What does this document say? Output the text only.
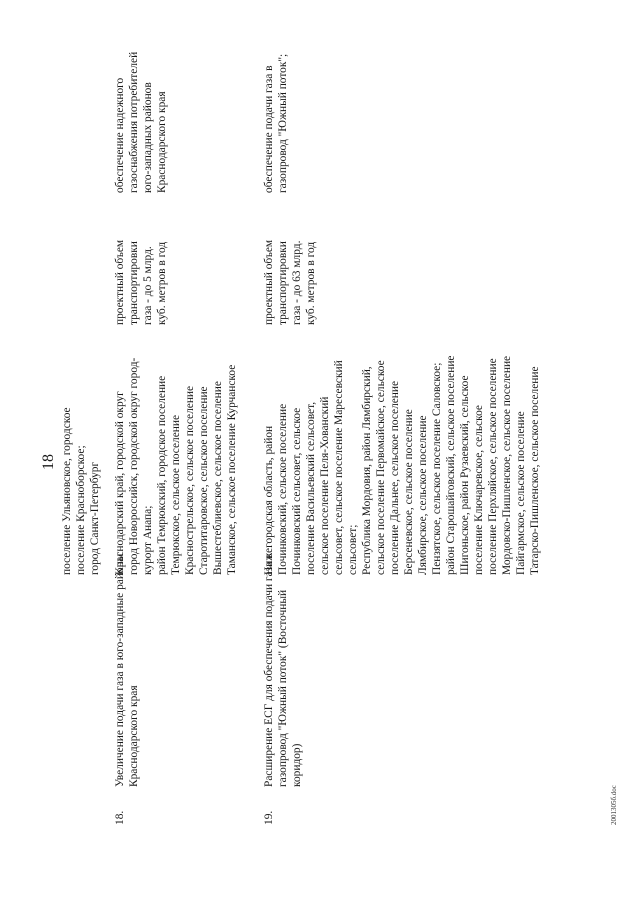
18 поселение Ульяновское, городское поселение Красноборское; город Санкт-Петербург
18.
Увеличение подачи газа в юго-западные районы Краснодарского края
Краснодарский край, городской округ город Новороссийск, городской округ город- курорт Анапа; район Темрюкский, городское поселение Темрюкское, сельское поселение Краснострельское, сельское поселение Старотитаровское, сельское поселение Вышестеблиевское, сельское поселение Таманское, сельское поселение Курчанское
проектный объем транспортировки газа - до 5 млрд. куб. метров в год
обеспечение надежного газоснабжения потребителей юго-западных районов Краснодарского края
19.
Расширение ЕСГ для обеспечения подачи газа в газопровод "Южный поток" (Восточный коридор)
Нижегородская область, район Починковский, сельское поселение Починковский сельсовет, сельское поселение Васильевский сельсовет, сельское поселение Пеля-Хованский сельсовет, сельское поселение Маресевский сельсовет; Республика Мордовия, район Лямбирский, сельское поселение Первомайское, сельское поселение Дальнее, сельское поселение Берсеневское, сельское поселение Лямбирское, сельское поселение Пензятское, сельское поселение Саловское; район Старошайговский, сельское поселение Шигоньское, район Рузаевский, сельское поселение Ключаревское, сельское поселение Перхляйское, сельское поселение Мордовско-Пишленское, сельское поселение Пайгармское, сельское поселение Татарско-Пишленское, сельское поселение
проектный объем транспортировки газа - до 63 млрд. куб. метров в год
обеспечение подачи газа в газопровод "Южный поток";
2001305б.doc
